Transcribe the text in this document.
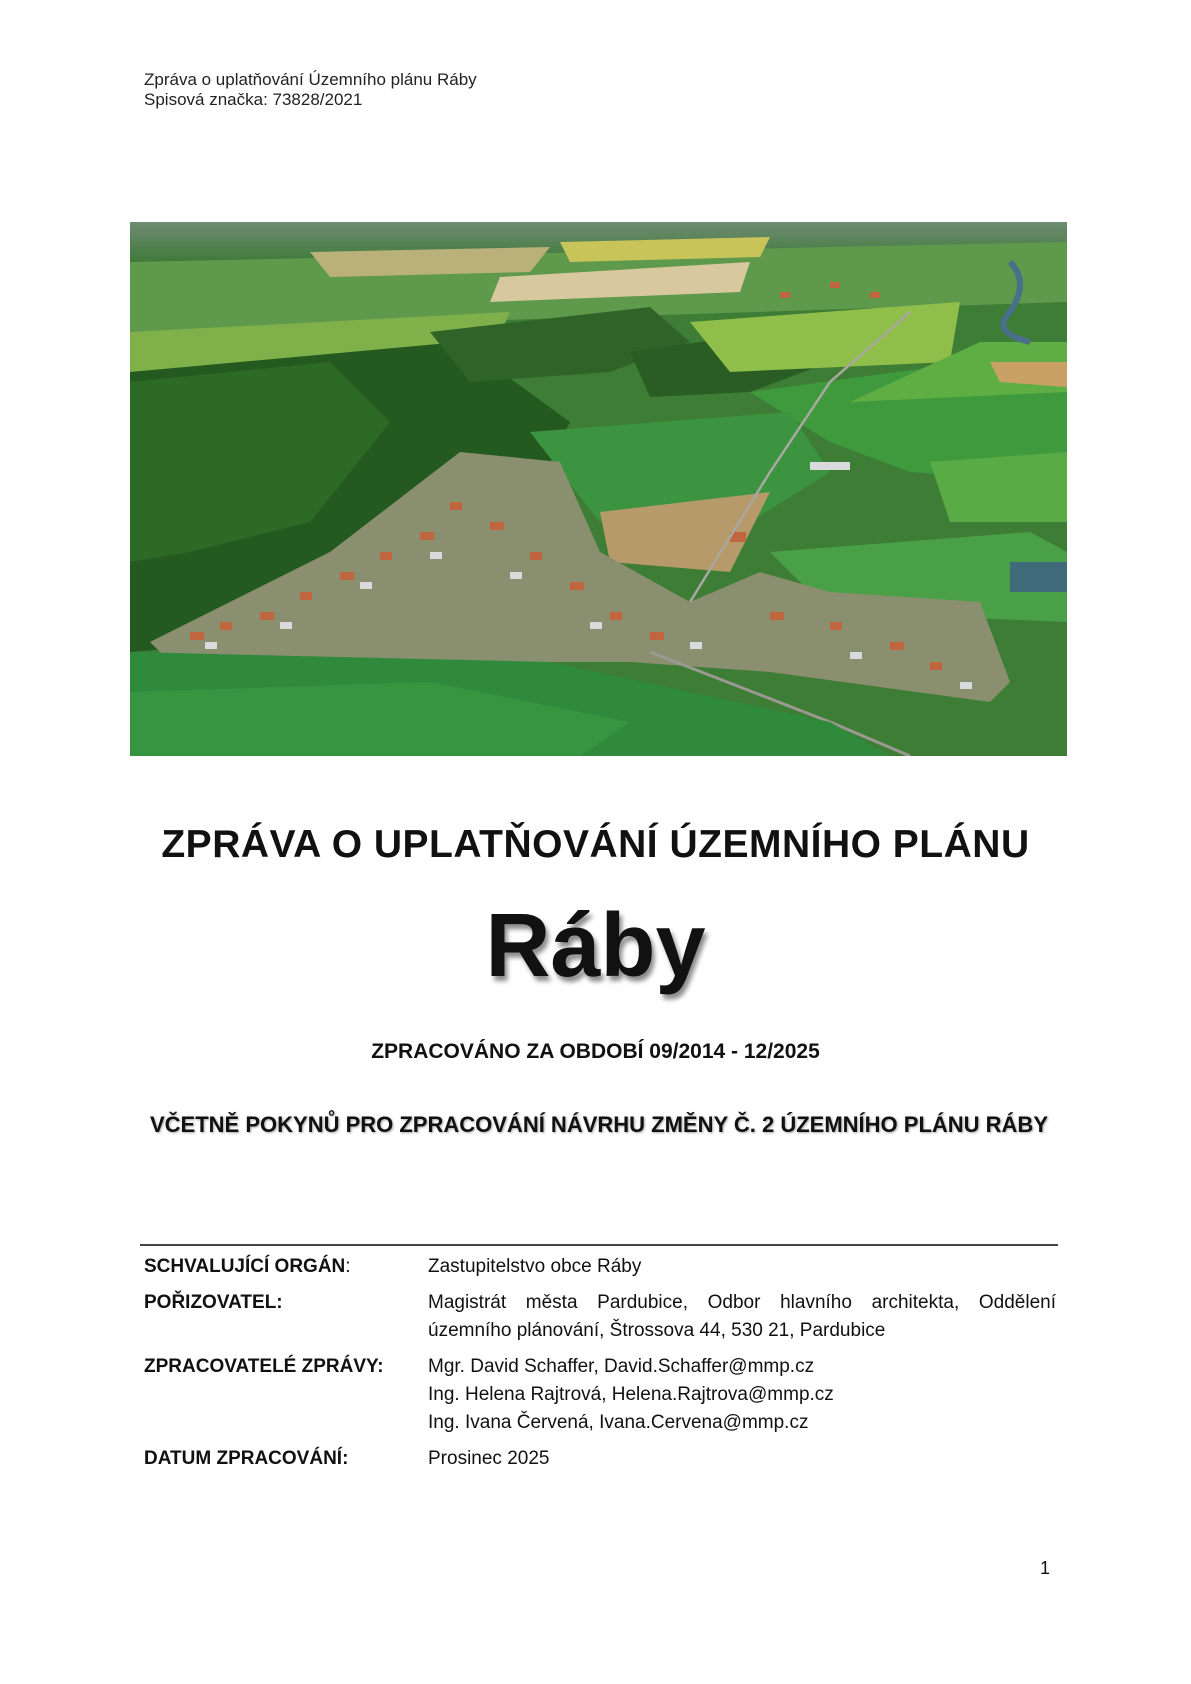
Zpráva o uplatňování Územního plánu Ráby
Spisová značka: 73828/2021
ZPRÁVA O UPLATŇOVÁNÍ ÚZEMNÍHO PLÁNU
Ráby
ZPRACOVÁNO ZA OBDOBÍ 09/2014 - 12/2025
VČETNĚ POKYNŮ PRO ZPRACOVÁNÍ NÁVRHU ZMĚNY Č. 2 ÚZEMNÍHO PLÁNU RÁBY
SCHVALUJÍCÍ ORGÁN:	Zastupitelstvo obce Ráby
POŘIZOVATEL:	Magistrát města Pardubice, Odbor hlavního architekta, Oddělení územního plánování, Štrossova 44, 530 21, Pardubice
ZPRACOVATELÉ ZPRÁVY:	Mgr. David Schaffer, David.Schaffer@mmp.cz
Ing. Helena Rajtrová, Helena.Rajtrova@mmp.cz
Ing. Ivana Červená, Ivana.Cervena@mmp.cz
DATUM ZPRACOVÁNÍ:	Prosinec 2025
1
